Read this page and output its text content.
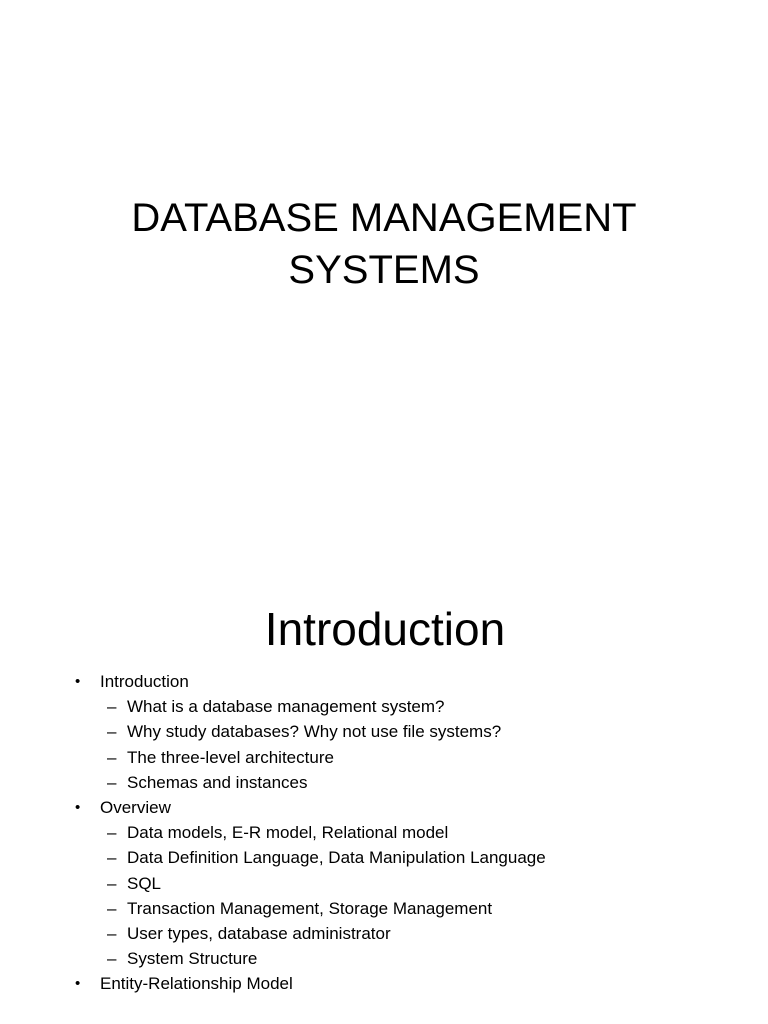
DATABASE MANAGEMENT
SYSTEMS
Introduction
• Introduction
– What is a database management system?
– Why study databases? Why not use file systems?
– The three-level architecture
– Schemas and instances
• Overview
– Data models, E-R model, Relational model
– Data Definition Language, Data Manipulation Language
– SQL
– Transaction Management, Storage Management
– User types, database administrator
– System Structure
• Entity-Relationship Model
